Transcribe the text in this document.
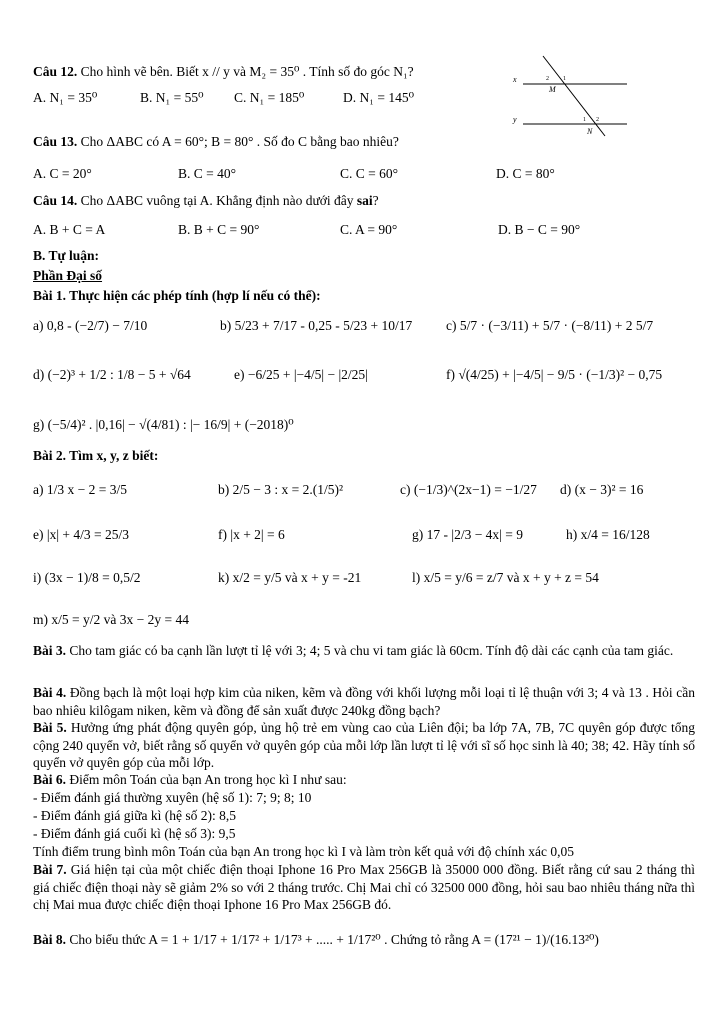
Câu 12. Cho hình vẽ bên. Biết x // y và M₂ = 35⁰ . Tính số đo góc N₁?
A. N₁ = 35⁰	B. N₁ = 55⁰ C. N₁ = 185⁰	D. N₁ = 145⁰
x
y
M
N
2 1
1 2
Câu 13. Cho ΔABC có A = 60°; B = 80° . Số đo C bằng bao nhiêu?
A. C = 20°	B. C = 40°	C. C = 60°	D. C = 80°
Câu 14. Cho ΔABC vuông tại A. Khẳng định nào dưới đây sai?
A. B + C = A	B. B + C = 90°	C. A = 90°	D. B − C = 90°
B. Tự luận:
Phần Đại số
Bài 1. Thực hiện các phép tính (hợp lí nếu có thể):
a) 0,8 - (−2/7) − 7/10	b) 5/23 + 7/17 - 0,25 - 5/23 + 10/17	c) 5/7 · (−3/11) + 5/7 · (−8/11) + 2 5/7
d) (−2)³ + 1/2 : 1/8 − 5 + √64	e) −6/25 + |−4/5| − |2/25|	f) √(4/25) + |−4/5| − 9/5 · (−1/3)² − 0,75
g) (−5/4)² . |0,16| − √(4/81) : |− 16/9| + (−2018)⁰
Bài 2. Tìm x, y, z biết:
a) 1/3 x − 2 = 3/5	b) 2/5 − 3 : x = 2.(1/5)²	c) (−1/3)^(2x−1) = −1/27 d) (x − 3)² = 16
e) |x| + 4/3 = 25/3	f) |x + 2| = 6	g) 17 - |2/3 − 4x| = 9	h) x/4 = 16/128
i) (3x − 1)/8 = 0,5/2	k) x/2 = y/5 và x + y = -21	l) x/5 = y/6 = z/7 và x + y + z = 54
m) x/5 = y/2 và 3x − 2y = 44
Bài 3. Cho tam giác có ba cạnh lần lượt tỉ lệ với 3; 4; 5 và chu vi tam giác là 60cm. Tính độ dài các cạnh của tam giác.
Bài 4. Đồng bạch là một loại hợp kim của niken, kẽm và đồng với khối lượng mỗi loại tỉ lệ thuận với 3; 4 và 13 . Hỏi cần bao nhiêu kilôgam niken, kẽm và đồng để sản xuất được 240kg đồng bạch?
Bài 5. Hưởng ứng phát động quyên góp, ủng hộ trẻ em vùng cao của Liên đội; ba lớp 7A, 7B, 7C quyên góp được tổng cộng 240 quyển vở, biết rằng số quyển vở quyên góp của mỗi lớp lần lượt tỉ lệ với sĩ số học sinh là 40; 38; 42. Hãy tính số quyển vở quyên góp của mỗi lớp.
Bài 6. Điểm môn Toán của bạn An trong học kì I như sau:
- Điểm đánh giá thường xuyên (hệ số 1): 7; 9; 8; 10
- Điểm đánh giá giữa kì (hệ số 2): 8,5
- Điểm đánh giá cuối kì (hệ số 3): 9,5
Tính điểm trung bình môn Toán của bạn An trong học kì I và làm tròn kết quả với độ chính xác 0,05
Bài 7. Giá hiện tại của một chiếc điện thoại Iphone 16 Pro Max 256GB là 35000 000 đồng. Biết rằng cứ sau 2 tháng thì giá chiếc điện thoại này sẽ giảm 2% so với 2 tháng trước. Chị Mai chỉ có 32500 000 đồng, hỏi sau bao nhiêu tháng nữa thì chị Mai mua được chiếc điện thoại Iphone 16 Pro Max 256GB đó.
Bài 8. Cho biểu thức A = 1 + 1/17 + 1/17² + 1/17³ + ..... + 1/17²⁰ . Chứng tỏ rằng A = (17²¹ − 1)/(16.13²⁰)
